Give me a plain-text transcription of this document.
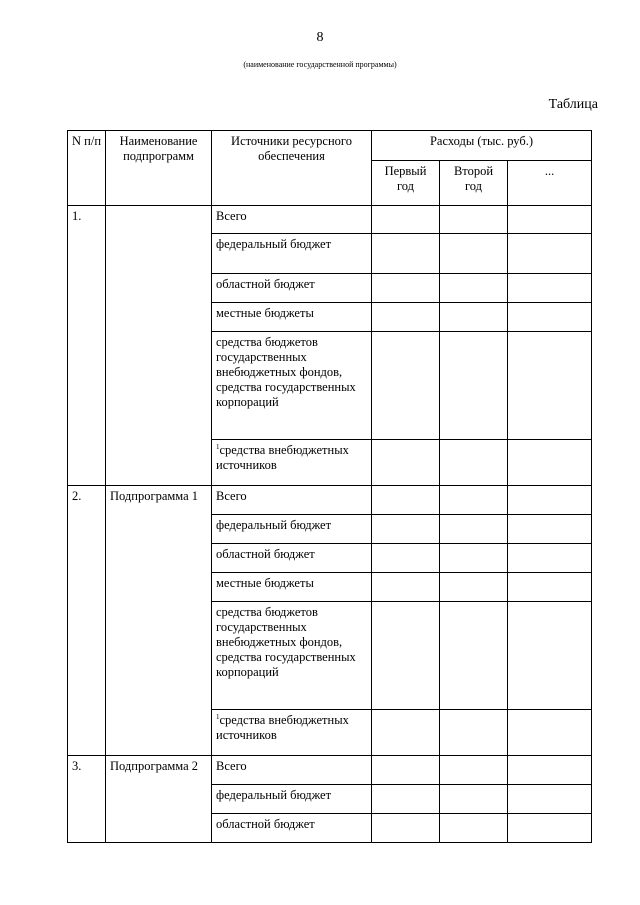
8
(наименование государственной программы)
Таблица
N п/п	Наименование подпрограмм	Источники ресурсного обеспечения	Расходы (тыс. руб.)		
			Первый год	Второй год	...
1.		Всего			
		федеральный бюджет			
		областной бюджет			
		местные бюджеты			
		средства бюджетов государственных внебюджетных фондов, средства государственных корпораций			
		$^1$средства внебюджетных источников			
2.	Подпрограмма 1	Всего			
		федеральный бюджет			
		областной бюджет			
		местные бюджеты			
		средства бюджетов государственных внебюджетных фондов, средства государственных корпораций			
		$^1$средства внебюджетных источников			
3.	Подпрограмма 2	Всего			
		федеральный бюджет			
		областной бюджет			
